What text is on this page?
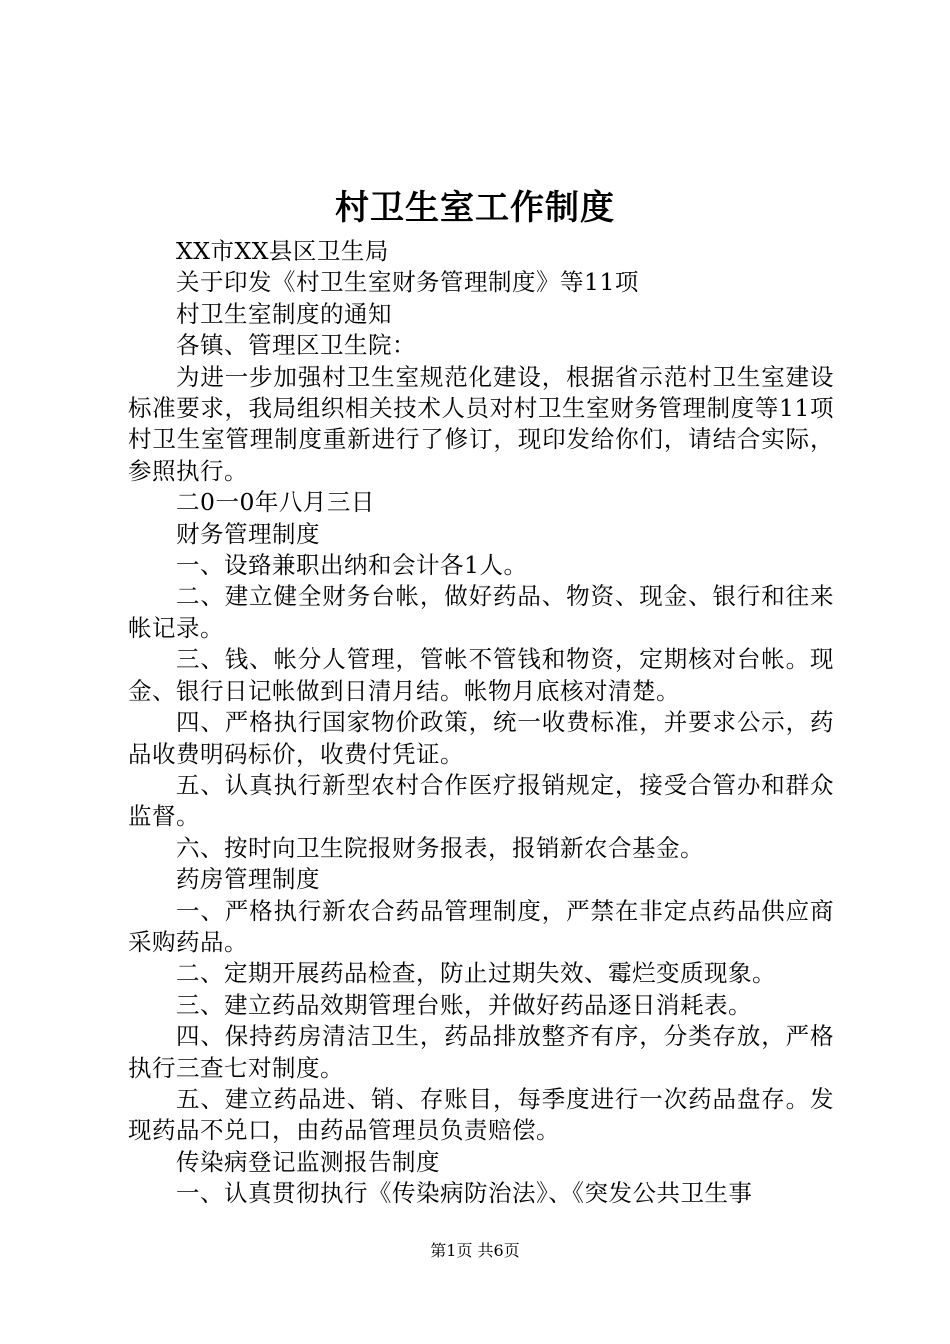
村卫生室工作制度

XX市XX县区卫生局

关于印发《村卫生室财务管理制度》等11项

村卫生室制度的通知

各镇、管理区卫生院：

为进一步加强村卫生室规范化建设，根据省示范村卫生室建设标准要求，我局组织相关技术人员对村卫生室财务管理制度等11项村卫生室管理制度重新进行了修订，现印发给你们，请结合实际，参照执行。

二0一0年八月三日

财务管理制度

一、设臵兼职出纳和会计各1人。

二、建立健全财务台帐，做好药品、物资、现金、银行和往来帐记录。

三、钱、帐分人管理，管帐不管钱和物资，定期核对台帐。现金、银行日记帐做到日清月结。帐物月底核对清楚。

四、严格执行国家物价政策，统一收费标准，并要求公示，药品收费明码标价，收费付凭证。

五、认真执行新型农村合作医疗报销规定，接受合管办和群众监督。

六、按时向卫生院报财务报表，报销新农合基金。

药房管理制度

一、严格执行新农合药品管理制度，严禁在非定点药品供应商采购药品。

二、定期开展药品检查，防止过期失效、霉烂变质现象。

三、建立药品效期管理台账，并做好药品逐日消耗表。

四、保持药房清洁卫生，药品排放整齐有序，分类存放，严格执行三查七对制度。

五、建立药品进、销、存账目，每季度进行一次药品盘存。发现药品不兑口，由药品管理员负责赔偿。

传染病登记监测报告制度

一、认真贯彻执行《传染病防治法》、《突发公共卫生事

第1页 共6页
